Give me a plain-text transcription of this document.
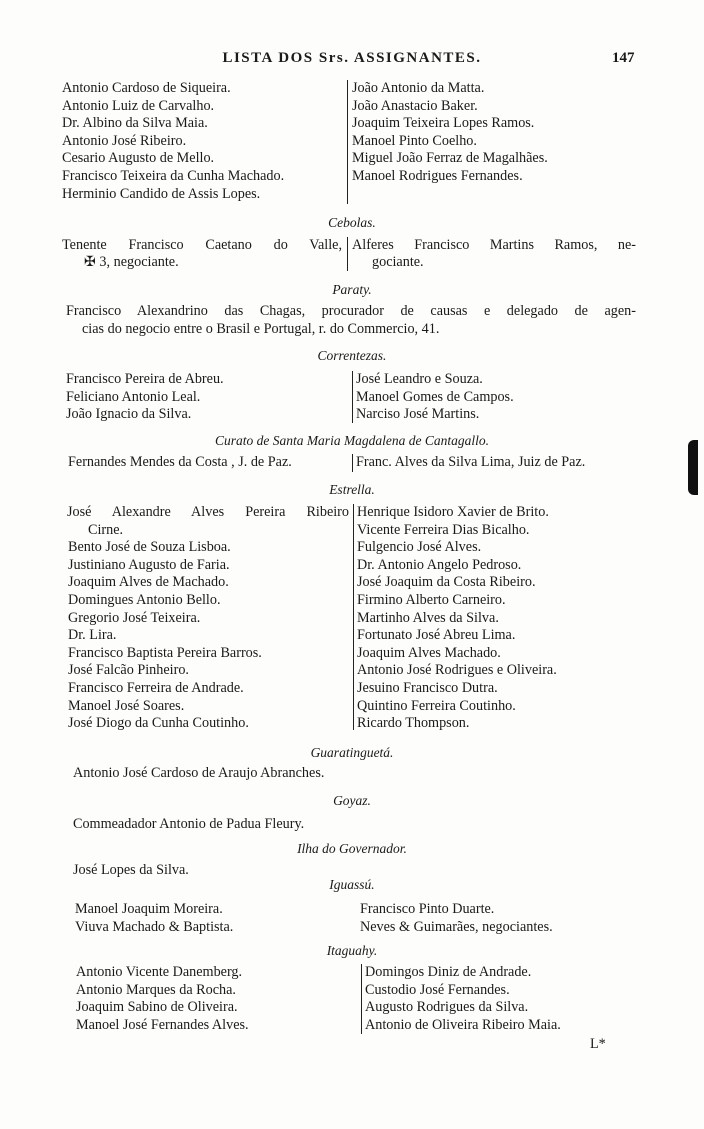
LISTA DOS Srs. ASSIGNANTES.	147
Antonio Cardoso de Siqueira.
Antonio Luiz de Carvalho.
Dr. Albino da Silva Maia.
Antonio José Ribeiro.
Cesario Augusto de Mello.
Francisco Teixeira da Cunha Machado.
Herminio Candido de Assis Lopes.
João Antonio da Matta.
João Anastacio Baker.
Joaquim Teixeira Lopes Ramos.
Manoel Pinto Coelho.
Miguel João Ferraz de Magalhães.
Manoel Rodrigues Fernandes.
Cebolas.
Tenente Francisco Caetano do Valle,
✠ 3, negociante.
Alferes Francisco Martins Ramos, ne-
gociante.
Paraty.
Francisco Alexandrino das Chagas, procurador de causas e delegado de agen-
cias do negocio entre o Brasil e Portugal, r. do Commercio, 41.
Correntezas.
Francisco Pereira de Abreu.
Feliciano Antonio Leal.
João Ignacio da Silva.
José Leandro e Souza.
Manoel Gomes de Campos.
Narciso José Martins.
Curato de Santa Maria Magdalena de Cantagallo.
Fernandes Mendes da Costa , J. de Paz.	Franc. Alves da Silva Lima, Juiz de Paz.
Estrella.
José Alexandre Alves Pereira Ribeiro
Cirne.
Bento José de Souza Lisboa.
Justiniano Augusto de Faria.
Joaquim Alves de Machado.
Domingues Antonio Bello.
Gregorio José Teixeira.
Dr. Lira.
Francisco Baptista Pereira Barros.
José Falcão Pinheiro.
Francisco Ferreira de Andrade.
Manoel José Soares.
José Diogo da Cunha Coutinho.
Henrique Isidoro Xavier de Brito.
Vicente Ferreira Dias Bicalho.
Fulgencio José Alves.
Dr. Antonio Angelo Pedroso.
José Joaquim da Costa Ribeiro.
Firmino Alberto Carneiro.
Martinho Alves da Silva.
Fortunato José Abreu Lima.
Joaquim Alves Machado.
Antonio José Rodrigues e Oliveira.
Jesuino Francisco Dutra.
Quintino Ferreira Coutinho.
Ricardo Thompson.
Guaratinguetá.
Antonio José Cardoso de Araujo Abranches.
Goyaz.
Commeadador Antonio de Padua Fleury.
Ilha do Governador.
José Lopes da Silva.
Iguassú.
Manoel Joaquim Moreira.
Viuva Machado & Baptista.
Francisco Pinto Duarte.
Neves & Guimarães, negociantes.
Itaguahy.
Antonio Vicente Danemberg.
Antonio Marques da Rocha.
Joaquim Sabino de Oliveira.
Manoel José Fernandes Alves.
Domingos Diniz de Andrade.
Custodio José Fernandes.
Augusto Rodrigues da Silva.
Antonio de Oliveira Ribeiro Maia.
L*
